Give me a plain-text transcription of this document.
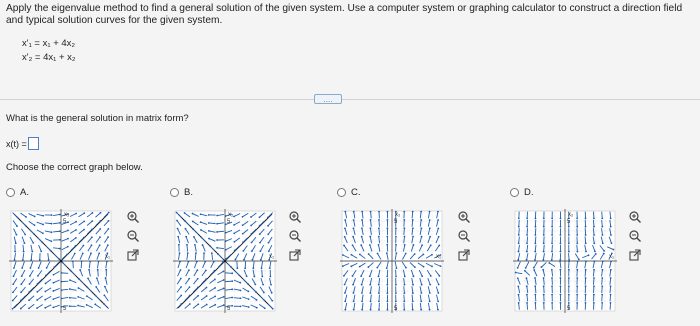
Apply the eigenvalue method to find a general solution of the given system. Use a computer system or graphing calculator to construct a direction field and typical solution curves for the given system.
x'₁ = x₁ + 4x₂
x'₂ = 4x₁ + x₂
....
What is the general solution in matrix form?
x(t) =
Choose the correct graph below.
A.
x₂
x₁
5
5
B.
x₂
x₁
5
5
C.
x₂
x₁
5
5
D.
x₂
x₁
5
5
